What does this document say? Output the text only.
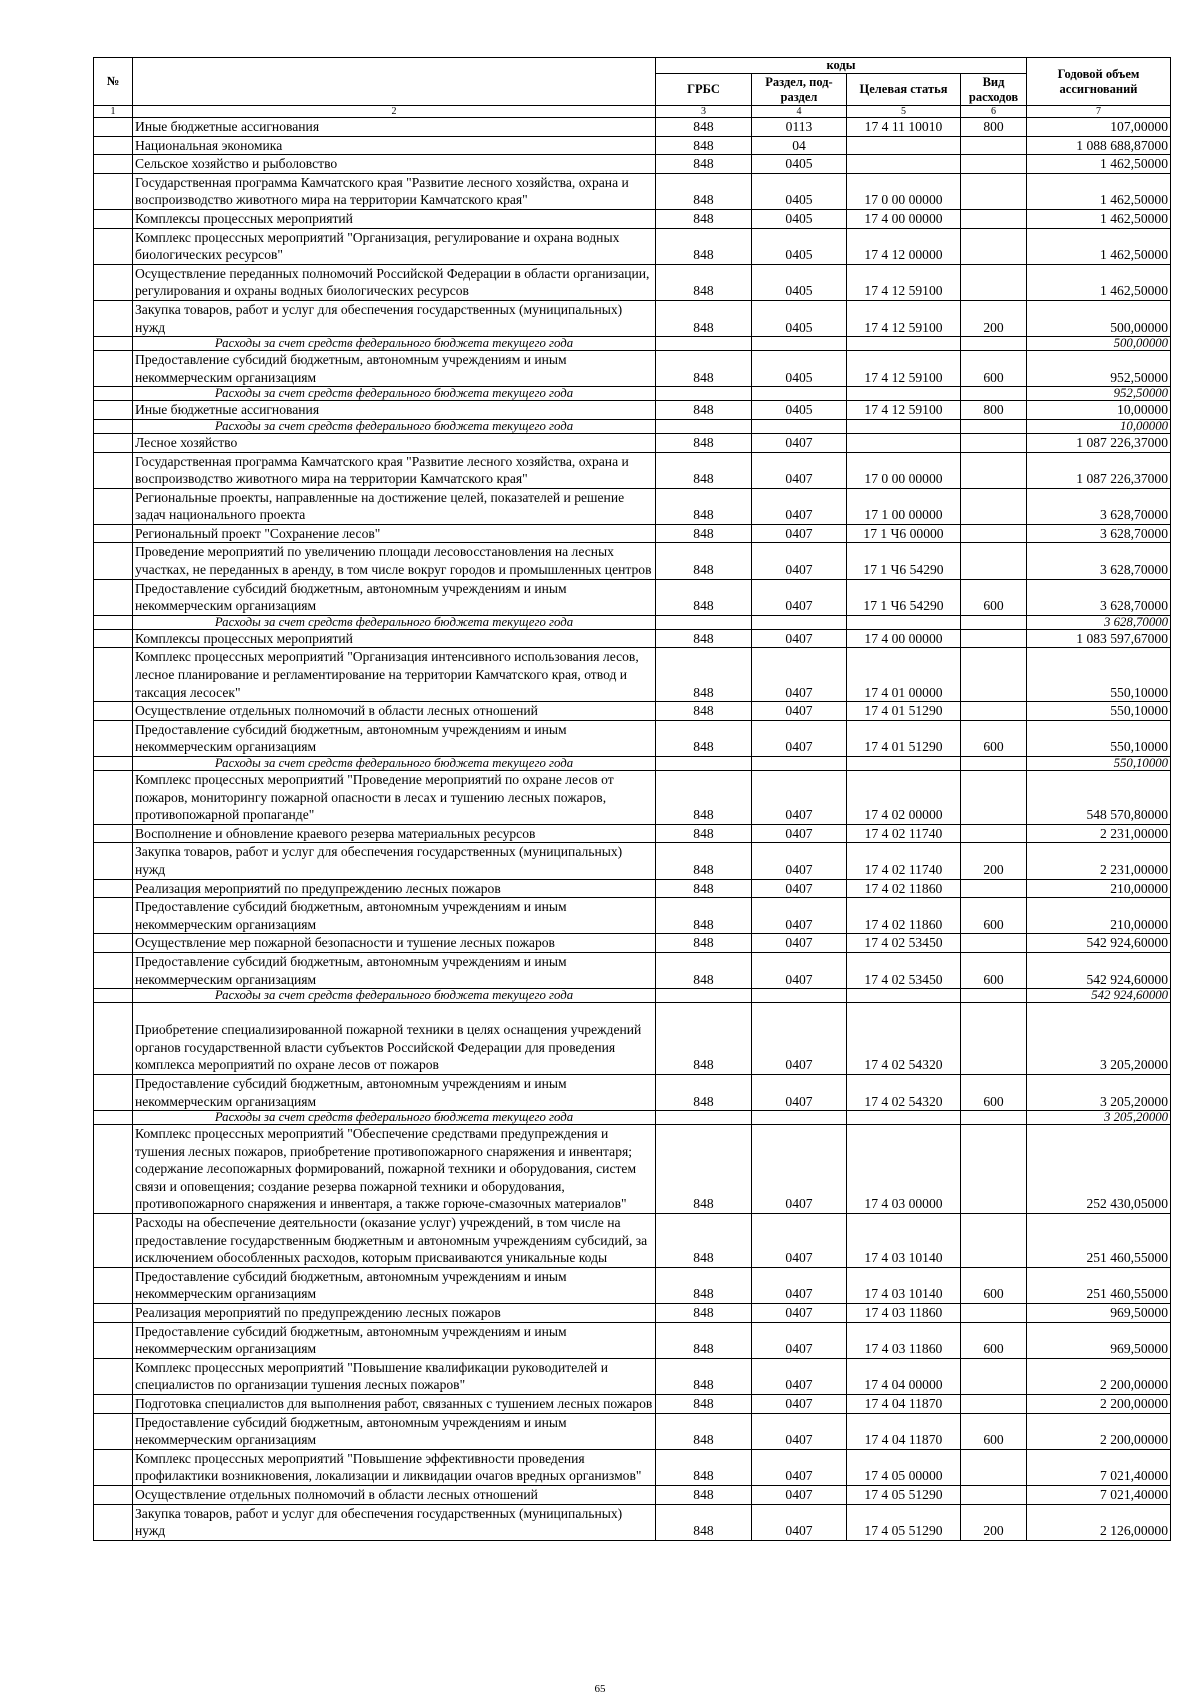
№		коды				Годовой объем ассигнований
		ГРБС	Раздел, под-раздел	Целевая статья	Вид расходов	
1	2	3	4	5	6	7
	Иные бюджетные ассигнования	848	0113	17 4 11 10010	800	107,00000
	Национальная экономика	848	04			1 088 688,87000
	Сельское хозяйство и рыболовство	848	0405			1 462,50000
	Государственная программа Камчатского края "Развитие лесного хозяйства, охрана и воспроизводство животного мира на территории Камчатского края"	848	0405	17 0 00 00000		1 462,50000
	Комплексы процессных мероприятий	848	0405	17 4 00 00000		1 462,50000
	Комплекс процессных мероприятий "Организация, регулирование и охрана водных биологических ресурсов"	848	0405	17 4 12 00000		1 462,50000
	Осуществление переданных полномочий Российской Федерации в области организации, регулирования и охраны водных биологических ресурсов	848	0405	17 4 12 59100		1 462,50000
	Закупка товаров, работ и услуг для обеспечения государственных (муниципальных) нужд	848	0405	17 4 12 59100	200	500,00000
	Расходы за счет средств федерального бюджета текущего года					500,00000
	Предоставление субсидий бюджетным, автономным учреждениям и иным некоммерческим организациям	848	0405	17 4 12 59100	600	952,50000
	Расходы за счет средств федерального бюджета текущего года					952,50000
	Иные бюджетные ассигнования	848	0405	17 4 12 59100	800	10,00000
	Расходы за счет средств федерального бюджета текущего года					10,00000
	Лесное хозяйство	848	0407			1 087 226,37000
	Государственная программа Камчатского края "Развитие лесного хозяйства, охрана и воспроизводство животного мира на территории Камчатского края"	848	0407	17 0 00 00000		1 087 226,37000
	Региональные проекты, направленные на достижение целей, показателей и решение задач национального проекта	848	0407	17 1 00 00000		3 628,70000
	Региональный проект "Сохранение лесов"	848	0407	17 1 Ч6 00000		3 628,70000
	Проведение мероприятий по увеличению площади лесовосстановления на лесных участках, не переданных в аренду, в том числе вокруг городов и промышленных центров	848	0407	17 1 Ч6 54290		3 628,70000
	Предоставление субсидий бюджетным, автономным учреждениям и иным некоммерческим организациям	848	0407	17 1 Ч6 54290	600	3 628,70000
	Расходы за счет средств федерального бюджета текущего года					3 628,70000
	Комплексы процессных мероприятий	848	0407	17 4 00 00000		1 083 597,67000
	Комплекс процессных мероприятий "Организация интенсивного использования лесов, лесное планирование и регламентирование на территории Камчатского края, отвод и таксация лесосек"	848	0407	17 4 01 00000		550,10000
	Осуществление отдельных полномочий в области лесных отношений	848	0407	17 4 01 51290		550,10000
	Предоставление субсидий бюджетным, автономным учреждениям и иным некоммерческим организациям	848	0407	17 4 01 51290	600	550,10000
	Расходы за счет средств федерального бюджета текущего года					550,10000
	Комплекс процессных мероприятий "Проведение мероприятий по охране лесов от пожаров, мониторингу пожарной опасности в лесах и тушению лесных пожаров, противопожарной пропаганде"	848	0407	17 4 02 00000		548 570,80000
	Восполнение и обновление краевого резерва материальных ресурсов	848	0407	17 4 02 11740		2 231,00000
	Закупка товаров, работ и услуг для обеспечения государственных (муниципальных) нужд	848	0407	17 4 02 11740	200	2 231,00000
	Реализация мероприятий по предупреждению лесных пожаров	848	0407	17 4 02 11860		210,00000
	Предоставление субсидий бюджетным, автономным учреждениям и иным некоммерческим организациям	848	0407	17 4 02 11860	600	210,00000
	Осуществление мер пожарной безопасности и тушение лесных пожаров	848	0407	17 4 02 53450		542 924,60000
	Предоставление субсидий бюджетным, автономным учреждениям и иным некоммерческим организациям	848	0407	17 4 02 53450	600	542 924,60000
	Расходы за счет средств федерального бюджета текущего года					542 924,60000
	Приобретение специализированной пожарной техники в целях оснащения учреждений органов государственной власти субъектов Российской Федерации для проведения комплекса мероприятий по охране лесов от пожаров	848	0407	17 4 02 54320		3 205,20000
	Предоставление субсидий бюджетным, автономным учреждениям и иным некоммерческим организациям	848	0407	17 4 02 54320	600	3 205,20000
	Расходы за счет средств федерального бюджета текущего года					3 205,20000
	Комплекс процессных мероприятий "Обеспечение средствами предупреждения и тушения лесных пожаров, приобретение противопожарного снаряжения и инвентаря; содержание лесопожарных формирований, пожарной техники и оборудования, систем связи и оповещения; создание резерва пожарной техники и оборудования, противопожарного снаряжения и инвентаря, а также горюче-смазочных материалов"	848	0407	17 4 03 00000		252 430,05000
	Расходы на обеспечение деятельности (оказание услуг) учреждений, в том числе на предоставление государственным бюджетным и автономным учреждениям субсидий, за исключением обособленных расходов, которым присваиваются уникальные коды	848	0407	17 4 03 10140		251 460,55000
	Предоставление субсидий бюджетным, автономным учреждениям и иным некоммерческим организациям	848	0407	17 4 03 10140	600	251 460,55000
	Реализация мероприятий по предупреждению лесных пожаров	848	0407	17 4 03 11860		969,50000
	Предоставление субсидий бюджетным, автономным учреждениям и иным некоммерческим организациям	848	0407	17 4 03 11860	600	969,50000
	Комплекс процессных мероприятий "Повышение квалификации руководителей и специалистов по организации тушения лесных пожаров"	848	0407	17 4 04 00000		2 200,00000
	Подготовка специалистов для выполнения работ, связанных с тушением лесных пожаров	848	0407	17 4 04 11870		2 200,00000
	Предоставление субсидий бюджетным, автономным учреждениям и иным некоммерческим организациям	848	0407	17 4 04 11870	600	2 200,00000
	Комплекс процессных мероприятий "Повышение эффективности проведения профилактики возникновения, локализации и ликвидации очагов вредных организмов"	848	0407	17 4 05 00000		7 021,40000
	Осуществление отдельных полномочий в области лесных отношений	848	0407	17 4 05 51290		7 021,40000
	Закупка товаров, работ и услуг для обеспечения государственных (муниципальных) нужд	848	0407	17 4 05 51290	200	2 126,00000
65
